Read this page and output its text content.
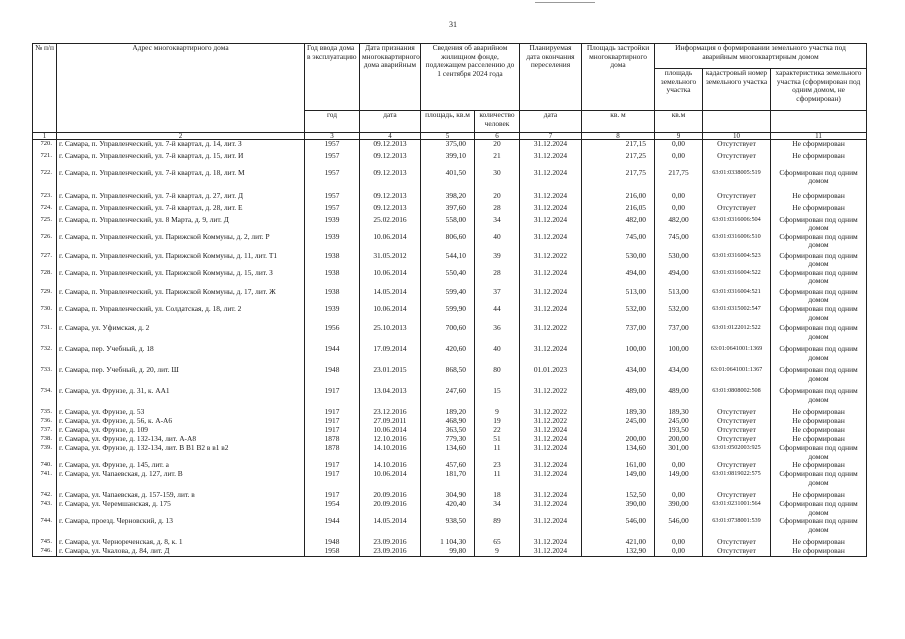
31
№ п/п	Адрес многоквартирного дома	Год ввода дома в эксплуатацию	Дата признания многоквартирного дома аварийным	Сведения об аварийном жилищном фонде, подлежащем расселению до 1 сентября 2024 года		Планируемая дата окончания переселения	Площадь застройки многоквартирного дома	Информация о формировании земельного участка под аварийным многоквартирным домом		
								площадь земельного участка	кадастровый номер земельного участка	характеристика земельного участка (сформирован под одним домом, не сформирован)
		год	дата	площадь, кв.м	количество человек	дата	кв. м	кв.м		
1	2	3	4	5	6	7	8	9	10	11
720.	г. Самара, п. Управленческий, ул. 7-й квартал, д. 14, лит. З	1957	09.12.2013	375,00	20	31.12.2024	217,15	0,00	Отсутствует	Не сформирован
721.	г. Самара, п. Управленческий, ул. 7-й квартал, д. 15, лит. И	1957	09.12.2013	399,10	21	31.12.2024	217,25	0,00	Отсутствует	Не сформирован
722.	г. Самара, п. Управленческий, ул. 7-й квартал, д. 18, лит. М	1957	09.12.2013	401,50	30	31.12.2024	217,75	217,75	63:01:0338005:519	Сформирован под одним домом
723.	г. Самара, п. Управленческий, ул. 7-й квартал, д. 27, лит. Д	1957	09.12.2013	398,20	20	31.12.2024	216,00	0,00	Отсутствует	Не сформирован
724.	г. Самара, п. Управленческий, ул. 7-й квартал, д. 28, лит. Е	1957	09.12.2013	397,60	28	31.12.2024	216,05	0,00	Отсутствует	Не сформирован
725.	г. Самара, п. Управленческий, ул. 8 Марта, д. 9, лит. Д	1939	25.02.2016	558,00	34	31.12.2024	482,00	482,00	63:01:0316006:504	Сформирован под одним домом
726.	г. Самара, п. Управленческий, ул. Парижской Коммуны, д. 2, лит. Р	1939	10.06.2014	806,60	40	31.12.2024	745,00	745,00	63:01:0316006:510	Сформирован под одним домом
727.	г. Самара, п. Управленческий, ул. Парижской Коммуны, д. 11, лит. Т1	1938	31.05.2012	544,10	39	31.12.2022	530,00	530,00	63:01:0316004:523	Сформирован под одним домом
728.	г. Самара, п. Управленческий, ул. Парижской Коммуны, д. 15, лит. З	1938	10.06.2014	550,40	28	31.12.2024	494,00	494,00	63:01:0316004:522	Сформирован под одним домом
729.	г. Самара, п. Управленческий, ул. Парижской Коммуны, д. 17, лит. Ж	1938	14.05.2014	599,40	37	31.12.2024	513,00	513,00	63:01:0316004:521	Сформирован под одним домом
730.	г. Самара, п. Управленческий, ул. Солдатская, д. 18, лит. 2	1939	10.06.2014	599,90	44	31.12.2024	532,00	532,00	63:01:0315002:547	Сформирован под одним домом
731.	г. Самара, ул. Уфимская, д. 2	1956	25.10.2013	700,60	36	31.12.2022	737,00	737,00	63:01:0122012:522	Сформирован под одним домом
732.	г. Самара, пер. Учебный, д. 18	1944	17.09.2014	420,60	40	31.12.2024	100,00	100,00	63:01:0641001:1369	Сформирован под одним домом
733.	г. Самара, пер. Учебный, д. 20, лит. Ш	1948	23.01.2015	868,50	80	01.01.2023	434,00	434,00	63:01:0641001:1367	Сформирован под одним домом
734.	г. Самара, ул. Фрунзе, д. 31, к. АА1	1917	13.04.2013	247,60	15	31.12.2022	489,00	489,00	63:01:0808002:508	Сформирован под одним домом
735.	г. Самара, ул. Фрунзе, д. 53	1917	23.12.2016	189,20	9	31.12.2022	189,30	189,30	Отсутствует	Не сформирован
736.	г. Самара, ул. Фрунзе, д. 56, к. А-А6	1917	27.09.2011	468,90	19	31.12.2022	245,00	245,00	Отсутствует	Не сформирован
737.	г. Самара, ул. Фрунзе, д. 109	1917	10.06.2014	363,50	22	31.12.2024		193,50	Отсутствует	Не сформирован
738.	г. Самара, ул. Фрунзе, д. 132-134, лит. А-А8	1878	12.10.2016	779,30	51	31.12.2024	200,00	200,00	Отсутствует	Не сформирован
739.	г. Самара, ул. Фрунзе, д. 132-134, лит. В В1 В2 в в1 в2	1878	14.10.2016	134,60	11	31.12.2024	134,60	301,00	63:01:0502003:925	Сформирован под одним домом
740.	г. Самара, ул. Фрунзе, д. 145, лит. а	1917	14.10.2016	457,60	23	31.12.2024	161,00	0,00	Отсутствует	Не сформирован
741.	г. Самара, ул. Чапаевская, д. 127, лит. В	1917	10.06.2014	181,70	11	31.12.2024	149,00	149,00	63:01:0819022:575	Сформирован под одним домом
742.	г. Самара, ул. Чапаевская, д. 157-159, лит. в	1917	20.09.2016	304,90	18	31.12.2024	152,50	0,00	Отсутствует	Не сформирован
743.	г. Самара, ул. Черемшанская, д. 175	1954	20.09.2016	420,40	34	31.12.2024	390,00	390,00	63:01:0231001:564	Сформирован под одним домом
744.	г. Самара, проезд. Черновский, д. 13	1944	14.05.2014	938,50	89	31.12.2024	546,00	546,00	63:01:0738001:539	Сформирован под одним домом
745.	г. Самара, ул. Чернореченская, д. 8, к. 1	1948	23.09.2016	1 104,30	65	31.12.2024	421,00	0,00	Отсутствует	Не сформирован
746.	г. Самара, ул. Чкалова, д. 84, лит. Д	1958	23.09.2016	99,80	9	31.12.2024	132,90	0,00	Отсутствует	Не сформирован
